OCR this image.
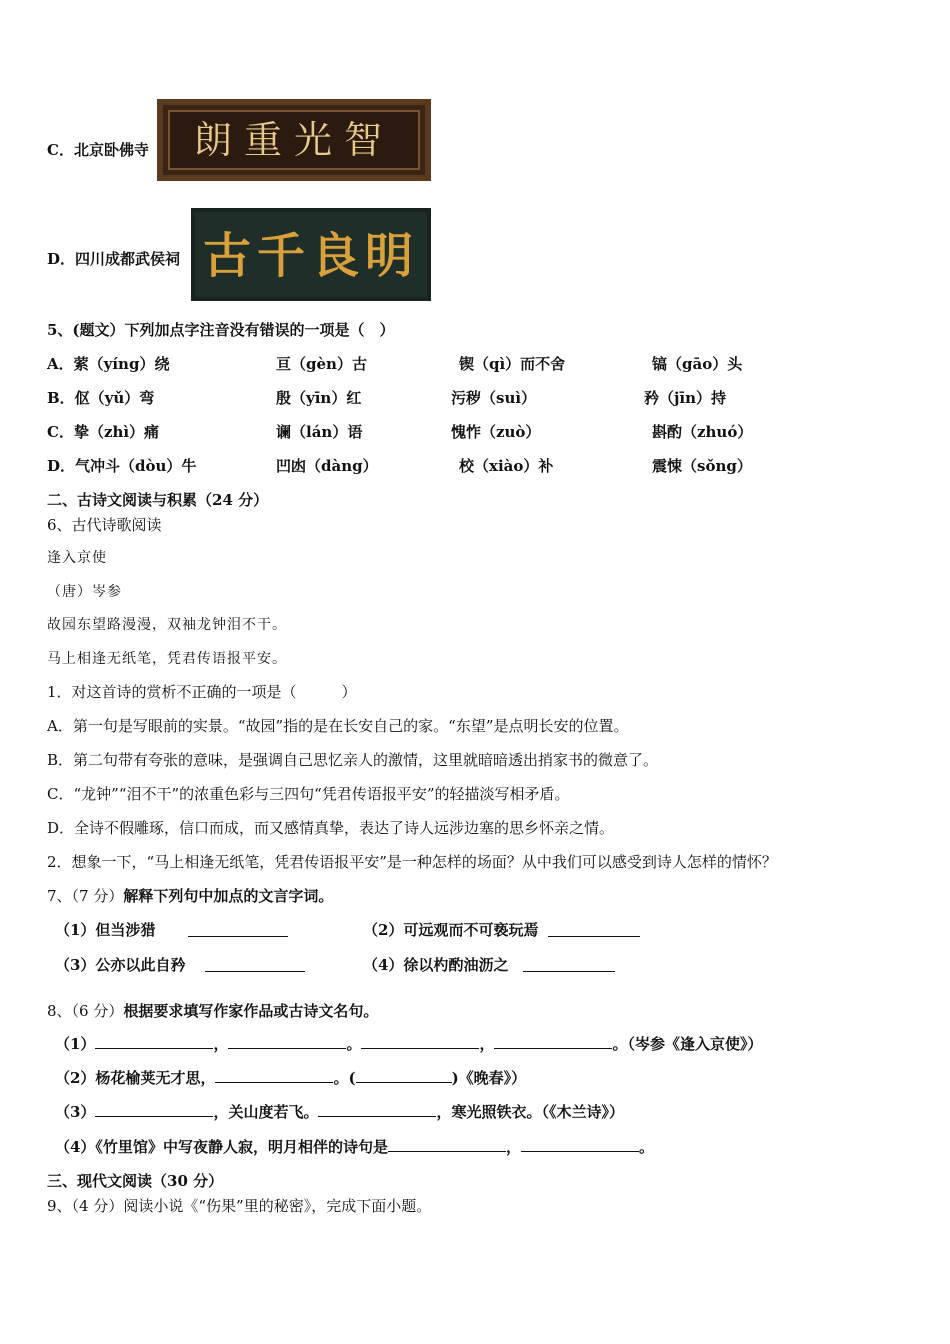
C．北京卧佛寺 智光重朗
D．四川成都武侯祠 明良千古
5、(题文）下列加点字注音没有错误的一项是（　）
A．萦（yíng）绕	亘（gèn）古	锲（qì）而不舍	镐（gāo）头
B．伛（yǔ）弯	殷（yīn）红	污秽（suì）	矜（jīn）持
C．挚（zhì）痛	谰（lán）语	愧怍（zuò）	斟酌（zhuó）
D．气冲斗（dòu）牛	凹凼（dàng）	校（xiào）补	震悚（sǒng）
二、古诗文阅读与积累（24 分）
6、古代诗歌阅读
逢入京使
（唐）岑参
故园东望路漫漫，双袖龙钟泪不干。
马上相逢无纸笔，凭君传语报平安。
1．对这首诗的赏析不正确的一项是（　　　）
A．第一句是写眼前的实景。“故园”指的是在长安自己的家。“东望”是点明长安的位置。
B．第二句带有夸张的意味，是强调自己思忆亲人的激情，这里就暗暗透出捎家书的微意了。
C．“龙钟”“泪不干”的浓重色彩与三四句“凭君传语报平安”的轻描淡写相矛盾。
D．全诗不假雕琢，信口而成，而又感情真挚，表达了诗人远涉边塞的思乡怀亲之情。
2．想象一下，“马上相逢无纸笔，凭君传语报平安”是一种怎样的场面？从中我们可以感受到诗人怎样的情怀？
7、（7 分）解释下列句中加点的文言字词。
（1）但当涉猎	（2）可远观而不可亵玩焉
（3）公亦以此自矜	（4）徐以杓酌油沥之
8、（6 分）根据要求填写作家作品或古诗文名句。
（1）	，	。	，	。（岑参《逢入京使》）
（2）杨花榆荚无才思，	。(	)《晚春》）
（3）	，关山度若飞。	，寒光照铁衣。（《木兰诗》）
（4）《竹里馆》中写夜静人寂，明月相伴的诗句是	，	。
三、现代文阅读（30 分）
9、（4 分）阅读小说《“伤果”里的秘密》，完成下面小题。
